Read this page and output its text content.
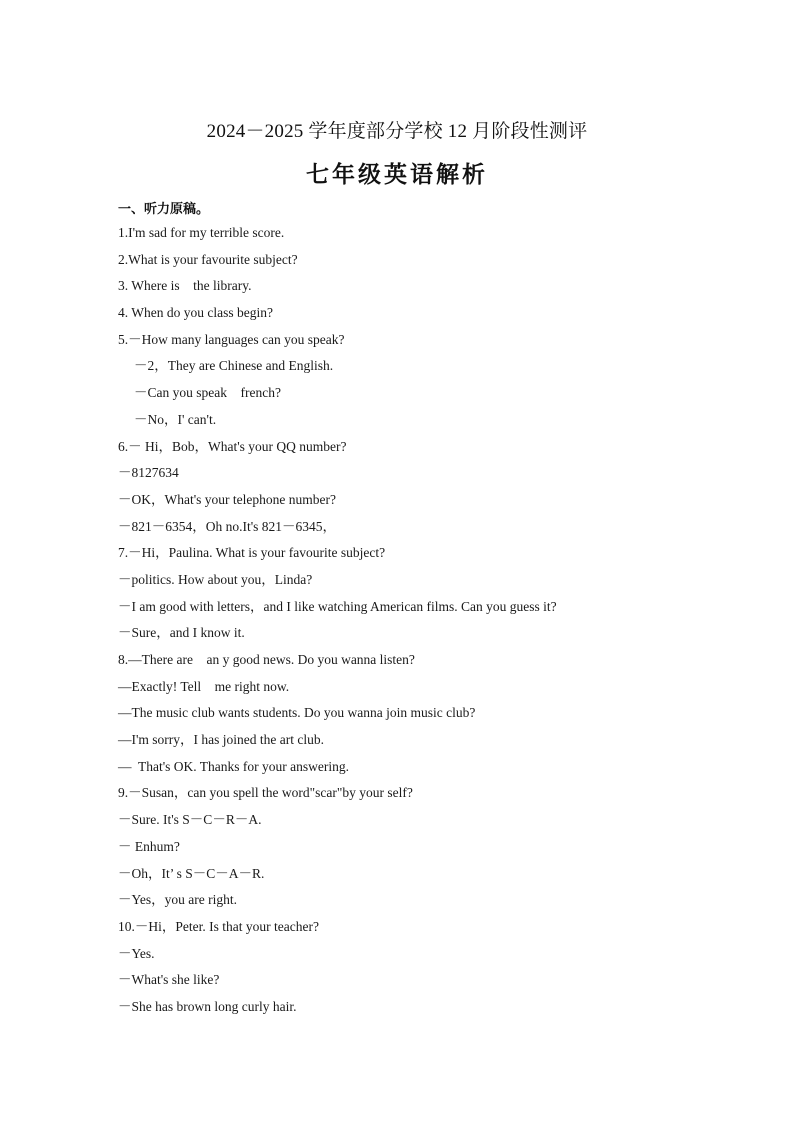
2024－2025 学年度部分学校 12 月阶段性测评
七年级英语解析
一、听力原稿。
1.I'm sad for my terrible score.
2.What is your favourite subject?
3. Where is    the library.
4. When do you class begin?
5.－How many languages can you speak?
－2，They are Chinese and English.
－Can you speak    french?
－No，I' can't.
6.－ Hi，Bob，What's your QQ number?
－8127634
－OK，What's your telephone number?
－821－6354，Oh no.It's 821－6345，
7.－Hi，Paulina. What is your favourite subject?
－politics. How about you，Linda?
－I am good with letters，and I like watching American films. Can you guess it?
－Sure，and I know it.
8.—There are    an y good news. Do you wanna listen?
—Exactly! Tell    me right now.
—The music club wants students. Do you wanna join music club?
—I'm sorry，I has joined the art club.
—  That's OK. Thanks for your answering.
9.－Susan，can you spell the word"scar"by your self?
－Sure. It's S－C－R－A.
－ Enhum?
－Oh，It’ s S－C－A－R.
－Yes，you are right.
10.－Hi，Peter. Is that your teacher?
－Yes.
－What's she like?
－She has brown long curly hair.
